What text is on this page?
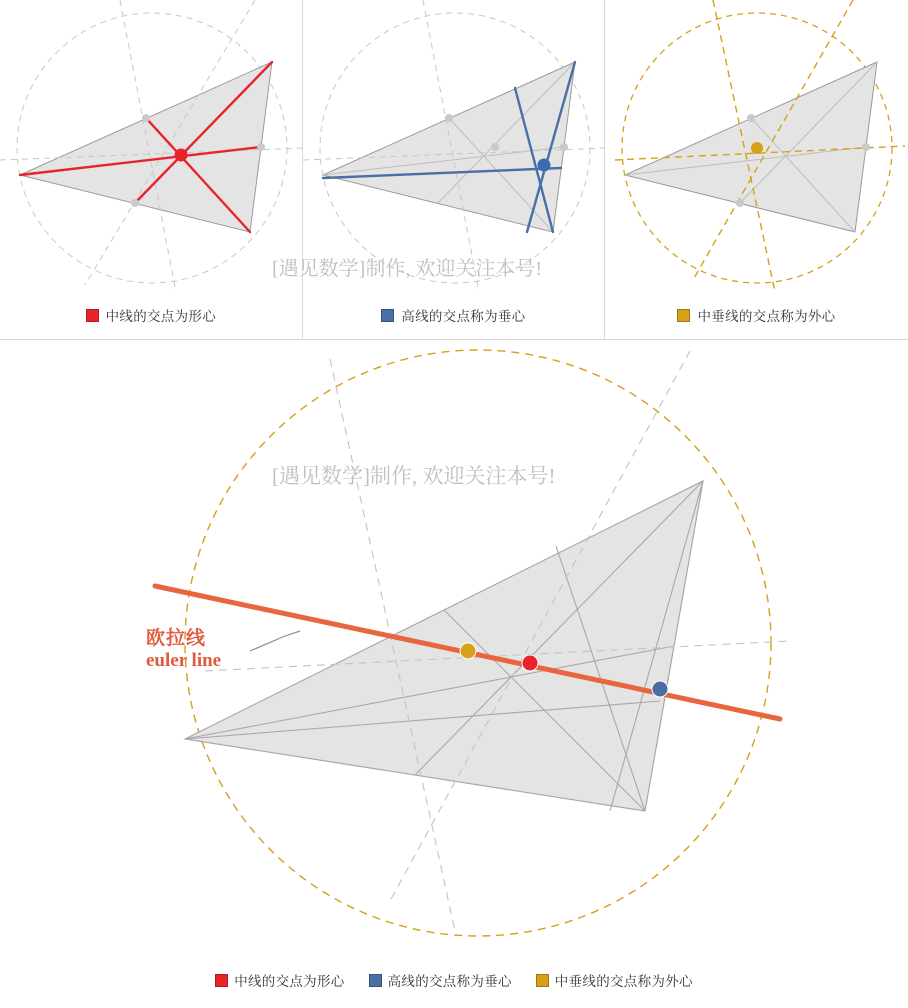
中线的交点为形心	高线的交点称为垂心	中垂线的交点称为外心
[遇见数学]制作, 欢迎关注本号!
[遇见数学]制作, 欢迎关注本号!
欧拉线
euler line
中线的交点为形心	高线的交点称为垂心	中垂线的交点称为外心
